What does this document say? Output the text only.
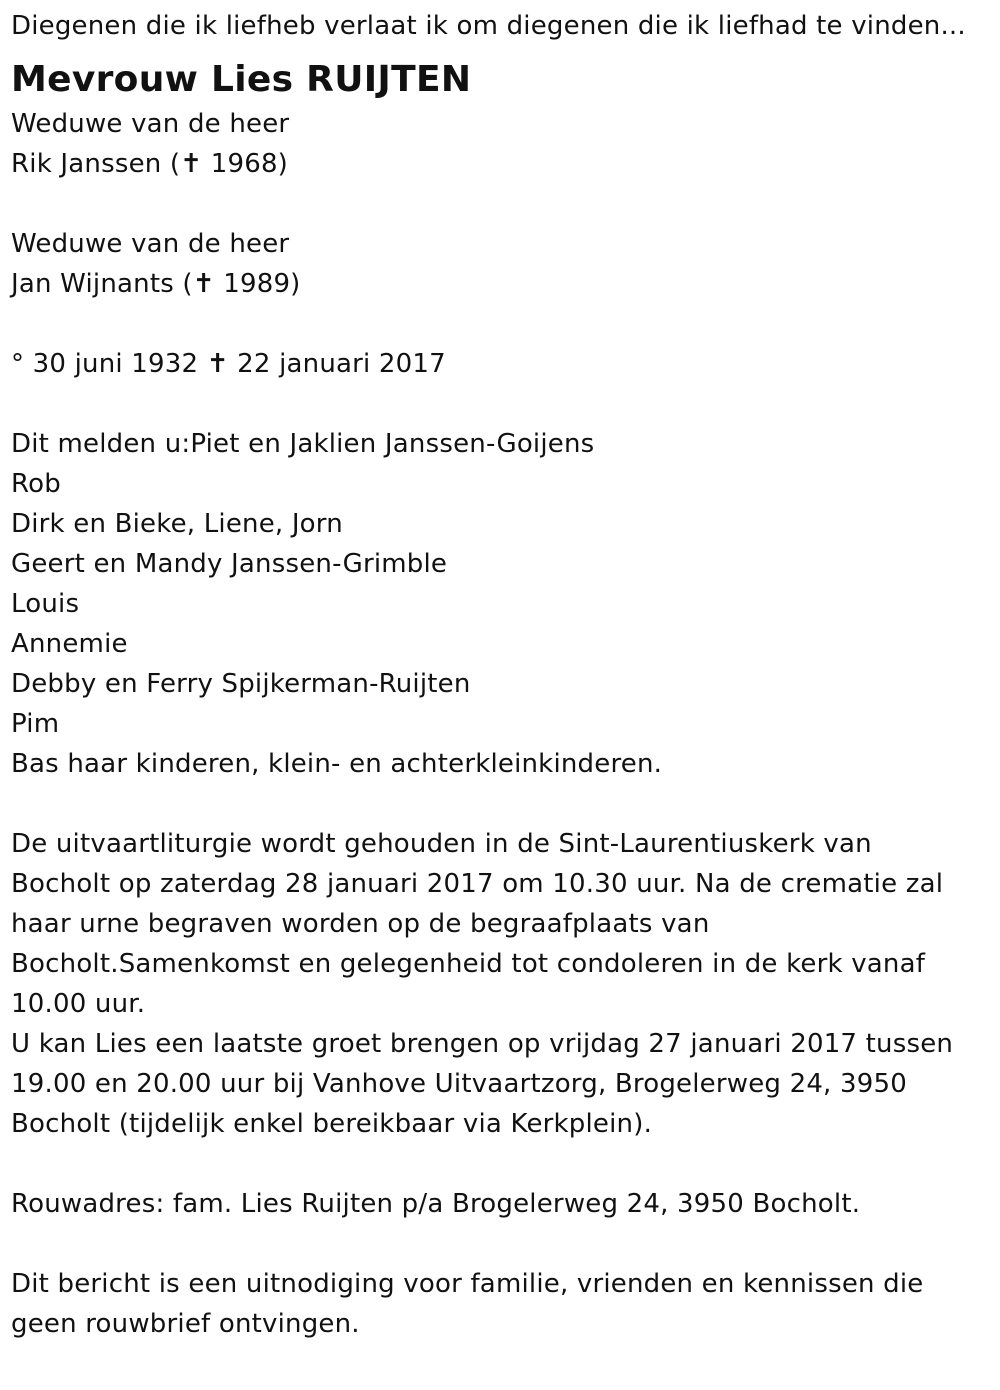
Diegenen die ik liefheb verlaat ik om diegenen die ik liefhad te vinden...
Mevrouw Lies RUIJTEN
Weduwe van de heer
Rik Janssen (✝ 1968)
Weduwe van de heer
Jan Wijnants (✝ 1989)
° 30 juni 1932 ✝ 22 januari 2017
Dit melden u:Piet en Jaklien Janssen-Goijens
Rob
Dirk en Bieke, Liene, Jorn
Geert en Mandy Janssen-Grimble
Louis
Annemie
Debby en Ferry Spijkerman-Ruijten
Pim
Bas haar kinderen, klein- en achterkleinkinderen.
De uitvaartliturgie wordt gehouden in de Sint-Laurentiuskerk van
Bocholt op zaterdag 28 januari 2017 om 10.30 uur. Na de crematie zal
haar urne begraven worden op de begraafplaats van
Bocholt.Samenkomst en gelegenheid tot condoleren in de kerk vanaf
10.00 uur.
U kan Lies een laatste groet brengen op vrijdag 27 januari 2017 tussen
19.00 en 20.00 uur bij Vanhove Uitvaartzorg, Brogelerweg 24, 3950
Bocholt (tijdelijk enkel bereikbaar via Kerkplein).
Rouwadres: fam. Lies Ruijten p/a Brogelerweg 24, 3950 Bocholt.
Dit bericht is een uitnodiging voor familie, vrienden en kennissen die
geen rouwbrief ontvingen.
